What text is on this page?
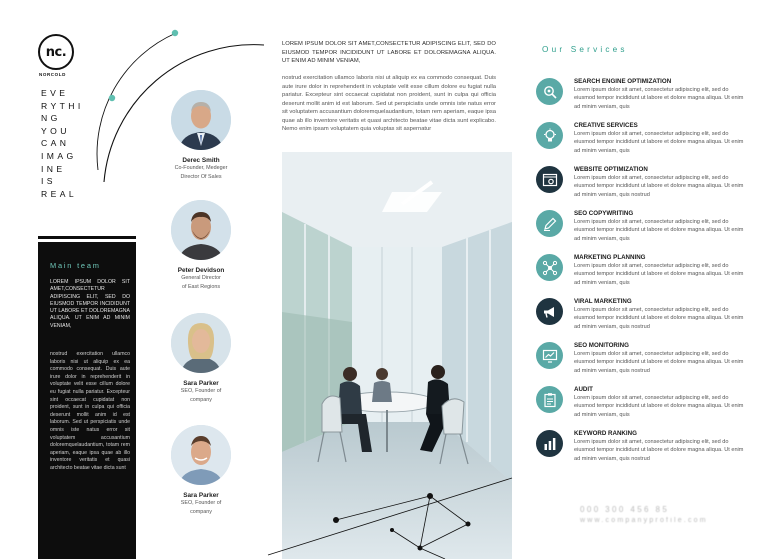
nc.
NORCOLD
EVE
RYTHI
NG
YOU
CAN
IMAG
INE
IS
REAL
Main team
LOREM IPSUM DOLOR SIT AMET,CONSECTETUR ADIPISCING ELIT, SED DO EIUSMOD TEMPOR INCIDIDUNT UT LABORE ET DOLOREMAGNA ALIQUA. UT ENIM AD MINIM VENIAM,
nostrud exercitation ullamco laboris nisi ut aliquip ex ea commodo consequat. Duis aute irure dolor in reprehenderit in voluptate velit esse cillum dolore eu fugiat nulla pariatur. Excepteur sint occaecat cupidatat non proident, sunt in culpa qui officia deserunt mollit anim id est laborum. Sed ut perspiciatis unde omnis iste natus error sit voluptatem accusantium doloremquelaudantium, totam rem aperiam, eaque ipsa quae ab illo inventore veritatis et quasi architecto beatae vitae dicta sunt
Derec Smith
Co-Founder, Medeger
Director Of Sales
Peter Devidson
General Director
of East Regions
Sara Parker
SEO, Founder of
company
Sara Parker
SEO, Founder of
company
LOREM IPSUM DOLOR SIT AMET,CONSECTETUR ADIPISCING ELIT, SED DO EIUSMOD TEMPOR INCIDIDUNT UT LABORE ET DOLOREMAGNA ALIQUA. UT ENIM AD MINIM VENIAM,
nostrud exercitation ullamco laboris nisi ut aliquip ex ea commodo consequat. Duis aute irure dolor in reprehenderit in voluptate velit esse cillum dolore eu fugiat nulla pariatur. Excepteur sint occaecat cupidatat non proident, sunt in culpa qui officia deserunt mollit anim id est laborum. Sed ut perspiciatis unde omnis iste natus error sit voluptatem accusantium doloremquelaudantium, totam rem aperiam, eaque ipsa quae ab illo inventore veritatis et quasi architecto beatae vitae dicta sunt explicabo. Nemo enim ipsam voluptatem quia voluptas sit aspernatur
Our Services
SEARCH ENGINE OPTIMIZATION
Lorem ipsum dolor sit amet, consectetur adipiscing elit, sed do eiusmod tempor incididunt ut labore et dolore magna aliqua. Ut enim ad minim veniam, quis
CREATIVE SERVICES
Lorem ipsum dolor sit amet, consectetur adipiscing elit, sed do eiusmod tempor incididunt ut labore et dolore magna aliqua. Ut enim ad minim veniam, quis
WEBSITE OPTIMIZATION
Lorem ipsum dolor sit amet, consectetur adipiscing elit, sed do eiusmod tempor incididunt ut labore et dolore magna aliqua. Ut enim ad minim veniam, quis nostrud
SEO COPYWRITING
Lorem ipsum dolor sit amet, consectetur adipiscing elit, sed do eiusmod tempor incididunt ut labore et dolore magna aliqua. Ut enim ad minim veniam, quis
MARKETING PLANNING
Lorem ipsum dolor sit amet, consectetur adipiscing elit, sed do eiusmod tempor incididunt ut labore et dolore magna aliqua. Ut enim ad minim veniam, quis
VIRAL MARKETING
Lorem ipsum dolor sit amet, consectetur adipiscing elit, sed do eiusmod tempor incididunt ut labore et dolore magna aliqua. Ut enim ad minim veniam, quis nostrud
SEO MONITORING
Lorem ipsum dolor sit amet, consectetur adipiscing elit, sed do eiusmod tempor incididunt ut labore et dolore magna aliqua. Ut enim ad minim veniam, quis nostrud
AUDIT
Lorem ipsum dolor sit amet, consectetur adipiscing elit, sed do eiusmod tempor incididunt ut labore et dolore magna aliqua. Ut enim ad minim veniam, quis
KEYWORD RANKING
Lorem ipsum dolor sit amet, consectetur adipiscing elit, sed do eiusmod tempor incididunt ut labore et dolore magna aliqua. Ut enim ad minim veniam, quis nostrud
000 300 456 85
www.companyprofile.com
